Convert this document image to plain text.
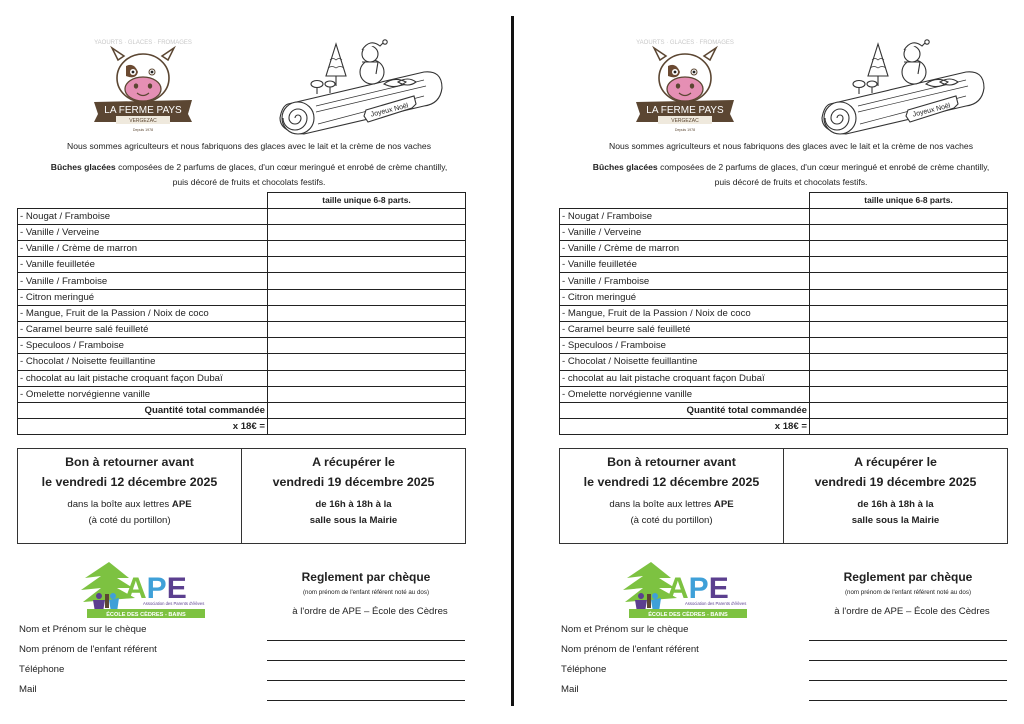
YAOURTS · GLACES · FROMAGES
LA FERME PAYS
VERGEZAC
Depuis 1978
Joyeux Noël
Nous sommes agriculteurs et nous fabriquons des glaces avec le lait et la crème de nos vaches
Bûches glacées composées de 2 parfums de glaces, d'un cœur meringué et enrobé de crème chantilly,
puis décoré de fruits et chocolats festifs.
	taille unique 6-8 parts.
- Nougat / Framboise	
- Vanille / Verveine	
- Vanille / Crème de marron	
- Vanille feuilletée	
- Vanille / Framboise	
- Citron meringué	
- Mangue, Fruit de la Passion / Noix de coco	
- Caramel beurre salé feuilleté	
- Speculoos / Framboise	
- Chocolat / Noisette feuillantine	
- chocolat au lait pistache croquant façon Dubaï	
- Omelette norvégienne vanille	
Quantité total commandée	
x 18€ =	
Bon à retourner avant
le vendredi 12 décembre 2025
dans la boîte aux lettres APE
(à coté du portillon)
A récupérer le
vendredi 19 décembre 2025
de 16h à 18h à la
salle sous la Mairie
APE
Association des Parents d'élèves
ÉCOLE DES CÈDRES - BAINS
Reglement par chèque
(nom prénom de l'enfant référent noté au dos)
à l'ordre de APE – École des Cèdres
Nom et Prénom sur le chèque
Nom prénom de l'enfant référent
Téléphone
Mail
YAOURTS · GLACES · FROMAGES
LA FERME PAYS
VERGEZAC
Depuis 1978
Joyeux Noël
Nous sommes agriculteurs et nous fabriquons des glaces avec le lait et la crème de nos vaches
Bûches glacées composées de 2 parfums de glaces, d'un cœur meringué et enrobé de crème chantilly,
puis décoré de fruits et chocolats festifs.
	taille unique 6-8 parts.
- Nougat / Framboise	
- Vanille / Verveine	
- Vanille / Crème de marron	
- Vanille feuilletée	
- Vanille / Framboise	
- Citron meringué	
- Mangue, Fruit de la Passion / Noix de coco	
- Caramel beurre salé feuilleté	
- Speculoos / Framboise	
- Chocolat / Noisette feuillantine	
- chocolat au lait pistache croquant façon Dubaï	
- Omelette norvégienne vanille	
Quantité total commandée	
x 18€ =	
Bon à retourner avant
le vendredi 12 décembre 2025
dans la boîte aux lettres APE
(à coté du portillon)
A récupérer le
vendredi 19 décembre 2025
de 16h à 18h à la
salle sous la Mairie
APE
Association des Parents d'élèves
ÉCOLE DES CÈDRES - BAINS
Reglement par chèque
(nom prénom de l'enfant référent noté au dos)
à l'ordre de APE – École des Cèdres
Nom et Prénom sur le chèque
Nom prénom de l'enfant référent
Téléphone
Mail
